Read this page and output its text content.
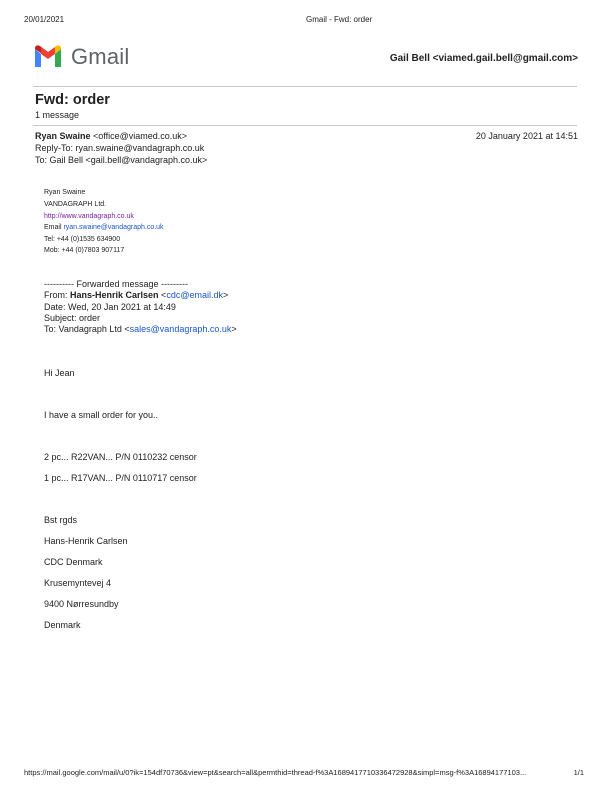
20/01/2021	Gmail - Fwd: order
Gmail	Gail Bell <viamed.gail.bell@gmail.com>
Fwd: order
1 message
Ryan Swaine <office@viamed.co.uk>	20 January 2021 at 14:51
Reply-To: ryan.swaine@vandagraph.co.uk
To: Gail Bell <gail.bell@vandagraph.co.uk>
Ryan Swaine
VANDAGRAPH Ltd.
http://www.vandagraph.co.uk
Email ryan.swaine@vandagraph.co.uk
Tel: +44 (0)1535 634900
Mob: +44 (0)7803 907117
---------- Forwarded message ---------
From: Hans-Henrik Carlsen <cdc@email.dk>
Date: Wed, 20 Jan 2021 at 14:49
Subject: order
To: Vandagraph Ltd <sales@vandagraph.co.uk>
Hi Jean
I have a small order for you..
2 pc... R22VAN... P/N 0110232 censor
1 pc... R17VAN... P/N 0110717 censor
Bst rgds
Hans-Henrik Carlsen
CDC Denmark
Krusemyntevej 4
9400 Nørresundby
Denmark
https://mail.google.com/mail/u/0?ik=154df70736&view=pt&search=all&permthid=thread-f%3A1689417710336472928&simpl=msg-f%3A16894177103...	1/1
